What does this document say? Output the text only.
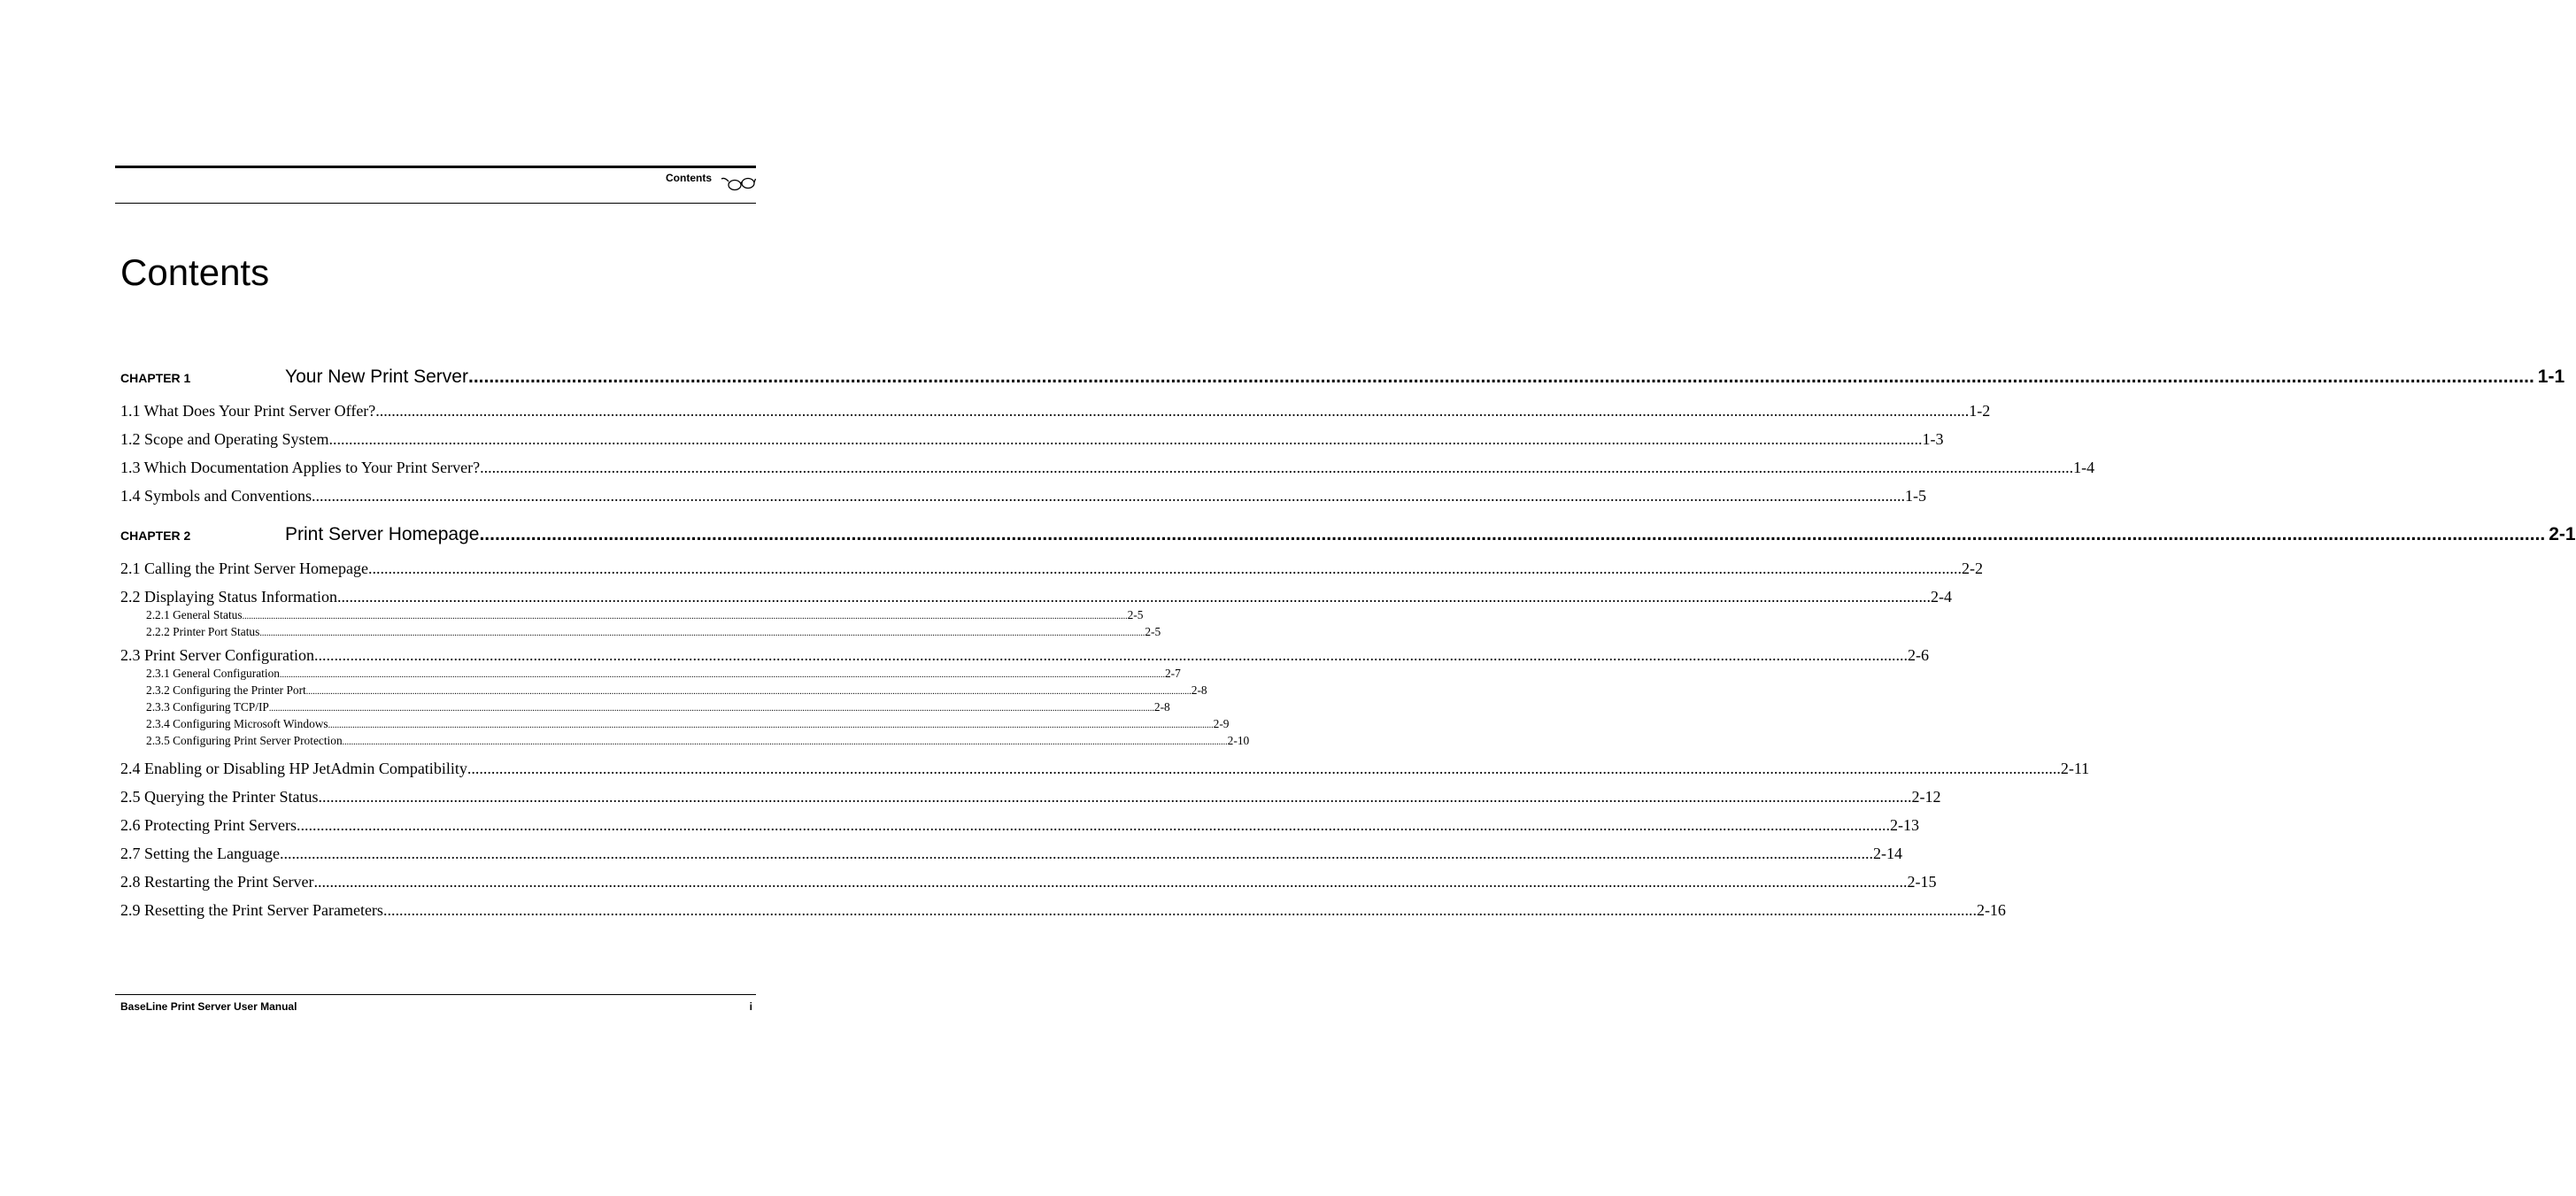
Contents
Contents
CHAPTER 1	Your New Print Server ................................................................................................................................................................................................................................................................................................................................................................................................................ 1-1
1.1 What Does Your Print Server Offer? ................................................................................................................................................................................................................................................................................................................................................................................................................ 1-2
1.2 Scope and Operating System ................................................................................................................................................................................................................................................................................................................................................................................................................ 1-3
1.3 Which Documentation Applies to Your Print Server? ................................................................................................................................................................................................................................................................................................................................................................................................................ 1-4
1.4 Symbols and Conventions ................................................................................................................................................................................................................................................................................................................................................................................................................ 1-5
CHAPTER 2	Print Server Homepage ................................................................................................................................................................................................................................................................................................................................................................................................................ 2-1
2.1 Calling the Print Server Homepage ................................................................................................................................................................................................................................................................................................................................................................................................................ 2-2
2.2 Displaying Status Information ................................................................................................................................................................................................................................................................................................................................................................................................................ 2-4
2.2.1 General Status ................................................................................................................................................................................................................................................................................................................................................................................................................ 2-5
2.2.2 Printer Port Status ................................................................................................................................................................................................................................................................................................................................................................................................................ 2-5
2.3 Print Server Configuration ................................................................................................................................................................................................................................................................................................................................................................................................................ 2-6
2.3.1 General Configuration ................................................................................................................................................................................................................................................................................................................................................................................................................ 2-7
2.3.2 Configuring the Printer Port ................................................................................................................................................................................................................................................................................................................................................................................................................ 2-8
2.3.3 Configuring TCP/IP ................................................................................................................................................................................................................................................................................................................................................................................................................ 2-8
2.3.4 Configuring Microsoft Windows ................................................................................................................................................................................................................................................................................................................................................................................................................ 2-9
2.3.5 Configuring Print Server Protection ................................................................................................................................................................................................................................................................................................................................................................................................................ 2-10
2.4 Enabling or Disabling HP JetAdmin Compatibility ................................................................................................................................................................................................................................................................................................................................................................................................................ 2-11
2.5 Querying the Printer Status ................................................................................................................................................................................................................................................................................................................................................................................................................ 2-12
2.6 Protecting Print Servers ................................................................................................................................................................................................................................................................................................................................................................................................................ 2-13
2.7 Setting the Language ................................................................................................................................................................................................................................................................................................................................................................................................................ 2-14
2.8 Restarting the Print Server ................................................................................................................................................................................................................................................................................................................................................................................................................ 2-15
2.9 Resetting the Print Server Parameters ................................................................................................................................................................................................................................................................................................................................................................................................................ 2-16
BaseLine Print Server User Manual	i
